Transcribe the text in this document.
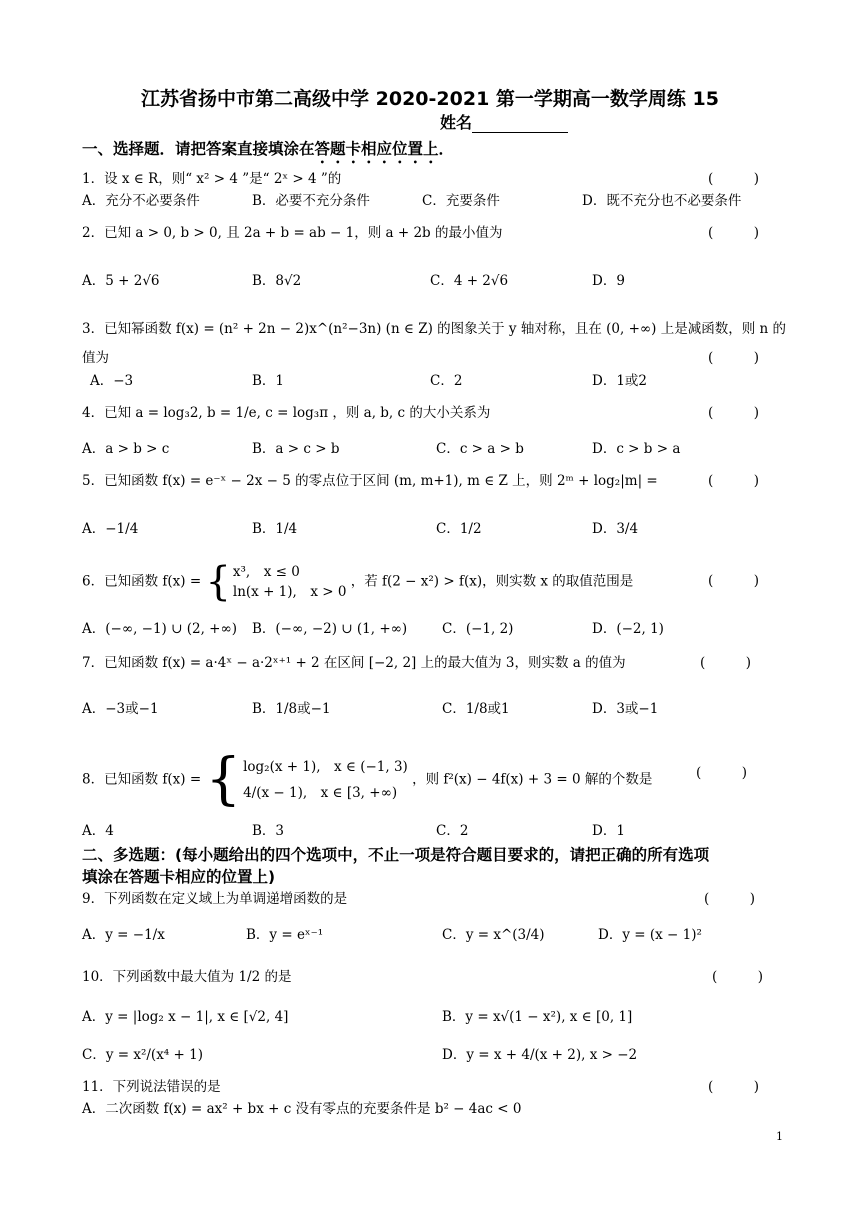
江苏省扬中市第二高级中学 2020-2021 第一学期高一数学周练 15
姓名
一、选择题．请把答案直接填涂在答题卡相应位置上．
1．设 x ∈ R，则“ x² > 4 ”是“ 2ˣ > 4 ”的	(　　　)
A．充分不必要条件	B．必要不充分条件	C．充要条件	D．既不充分也不必要条件
2．已知 a > 0, b > 0, 且 2a + b = ab − 1，则 a + 2b 的最小值为	(　　　)
A．5 + 2√6	B．8√2	C．4 + 2√6	D．9
3．已知幂函数 f(x) = (n² + 2n − 2)x^(n²−3n) (n ∈ Z) 的图象关于 y 轴对称，且在 (0, +∞) 上是减函数，则 n 的
值为	(　　　)
A．−3	B．1	C．2	D．1或2
4．已知 a = log₃2, b = 1/e, c = log₃π ，则 a, b, c 的大小关系为	(　　　)
A．a > b > c	B．a > c > b	C．c > a > b	D．c > b > a
5．已知函数 f(x) = e⁻ˣ − 2x − 5 的零点位于区间 (m, m+1), m ∈ Z 上，则 2ᵐ + log₂|m| =	(　　　)
A．−1/4	B．1/4	C．1/2	D．3/4
6．已知函数 f(x) = { x³,　x ≤ 0
ln(x + 1),　x > 0
，若 f(2 − x²) > f(x)，则实数 x 的取值范围是	(　　　)
A．(−∞, −1) ∪ (2, +∞) B．(−∞, −2) ∪ (1, +∞)	C．(−1, 2)	D．(−2, 1)
7．已知函数 f(x) = a·4ˣ − a·2ˣ⁺¹ + 2 在区间 [−2, 2] 上的最大值为 3，则实数 a 的值为	(　　　)
A．−3或−1	B．1/8或−1	C．1/8或1	D．3或−1
8．已知函数 f(x) = { log₂(x + 1),　x ∈ (−1, 3)
4/(x − 1),　x ∈ [3, +∞)
，则 f²(x) − 4f(x) + 3 = 0 解的个数是	(　　　)
A．4	B．3	C．2	D．1
二、多选题：(每小题给出的四个选项中，不止一项是符合题目要求的，请把正确的所有选项
填涂在答题卡相应的位置上)
9．下列函数在定义域上为单调递增函数的是	(　　　)
A．y = −1/x	B．y = eˣ⁻¹	C．y = x^(3/4)	D．y = (x − 1)²
10．下列函数中最大值为 1/2 的是	(　　　)
A．y = |log₂ x − 1|, x ∈ [√2, 4]	B．y = x√(1 − x²), x ∈ [0, 1]
C．y = x²/(x⁴ + 1)	D．y = x + 4/(x + 2), x > −2
11．下列说法错误的是	(　　　)
A．二次函数 f(x) = ax² + bx + c 没有零点的充要条件是 b² − 4ac < 0
1
